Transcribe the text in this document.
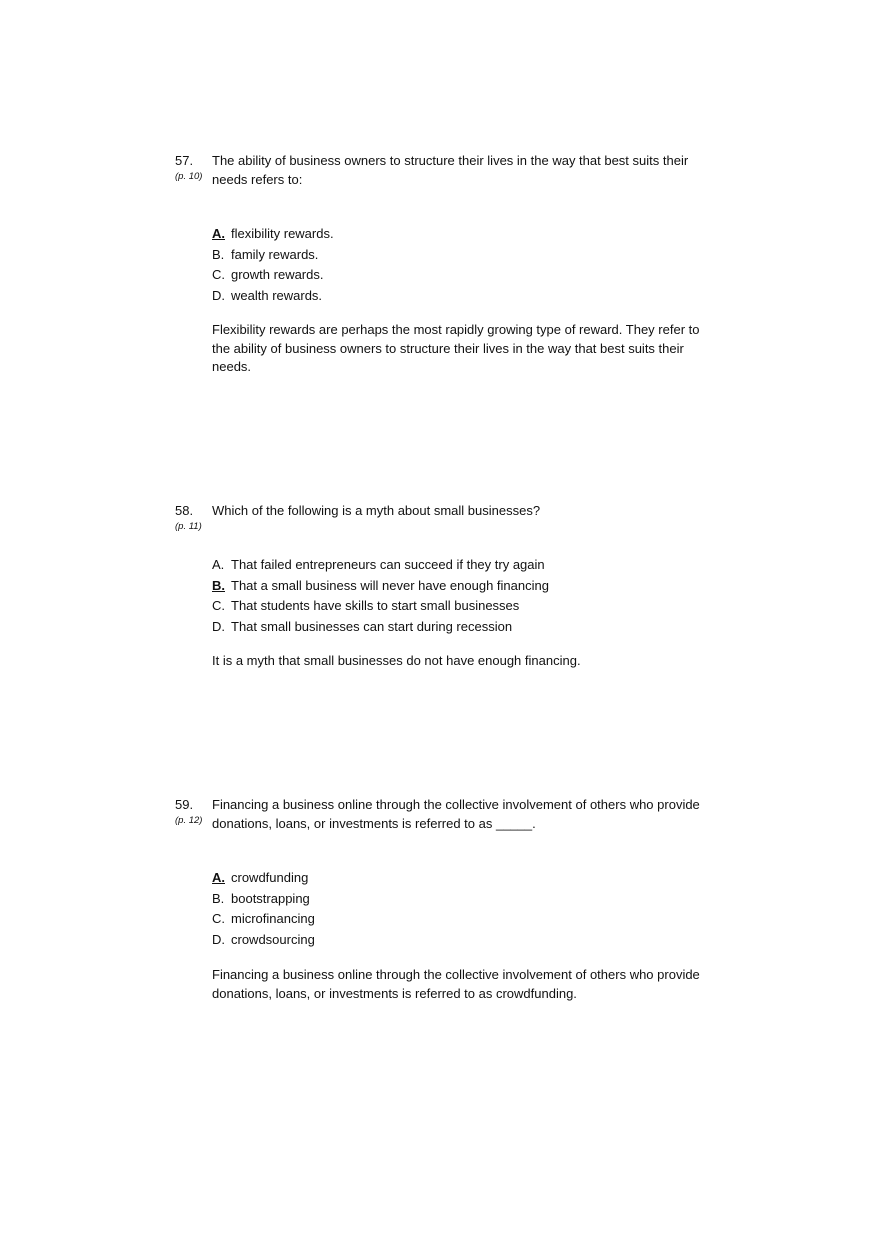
57.
(p. 10)
The ability of business owners to structure their lives in the way that best suits their needs refers to:
A. flexibility rewards.
B. family rewards.
C. growth rewards.
D. wealth rewards.
Flexibility rewards are perhaps the most rapidly growing type of reward. They refer to the ability of business owners to structure their lives in the way that best suits their needs.
58.
(p. 11)
Which of the following is a myth about small businesses?
A. That failed entrepreneurs can succeed if they try again
B. That a small business will never have enough financing
C. That students have skills to start small businesses
D. That small businesses can start during recession
It is a myth that small businesses do not have enough financing.
59.
(p. 12)
Financing a business online through the collective involvement of others who provide donations, loans, or investments is referred to as _____.
A. crowdfunding
B. bootstrapping
C. microfinancing
D. crowdsourcing
Financing a business online through the collective involvement of others who provide donations, loans, or investments is referred to as crowdfunding.
